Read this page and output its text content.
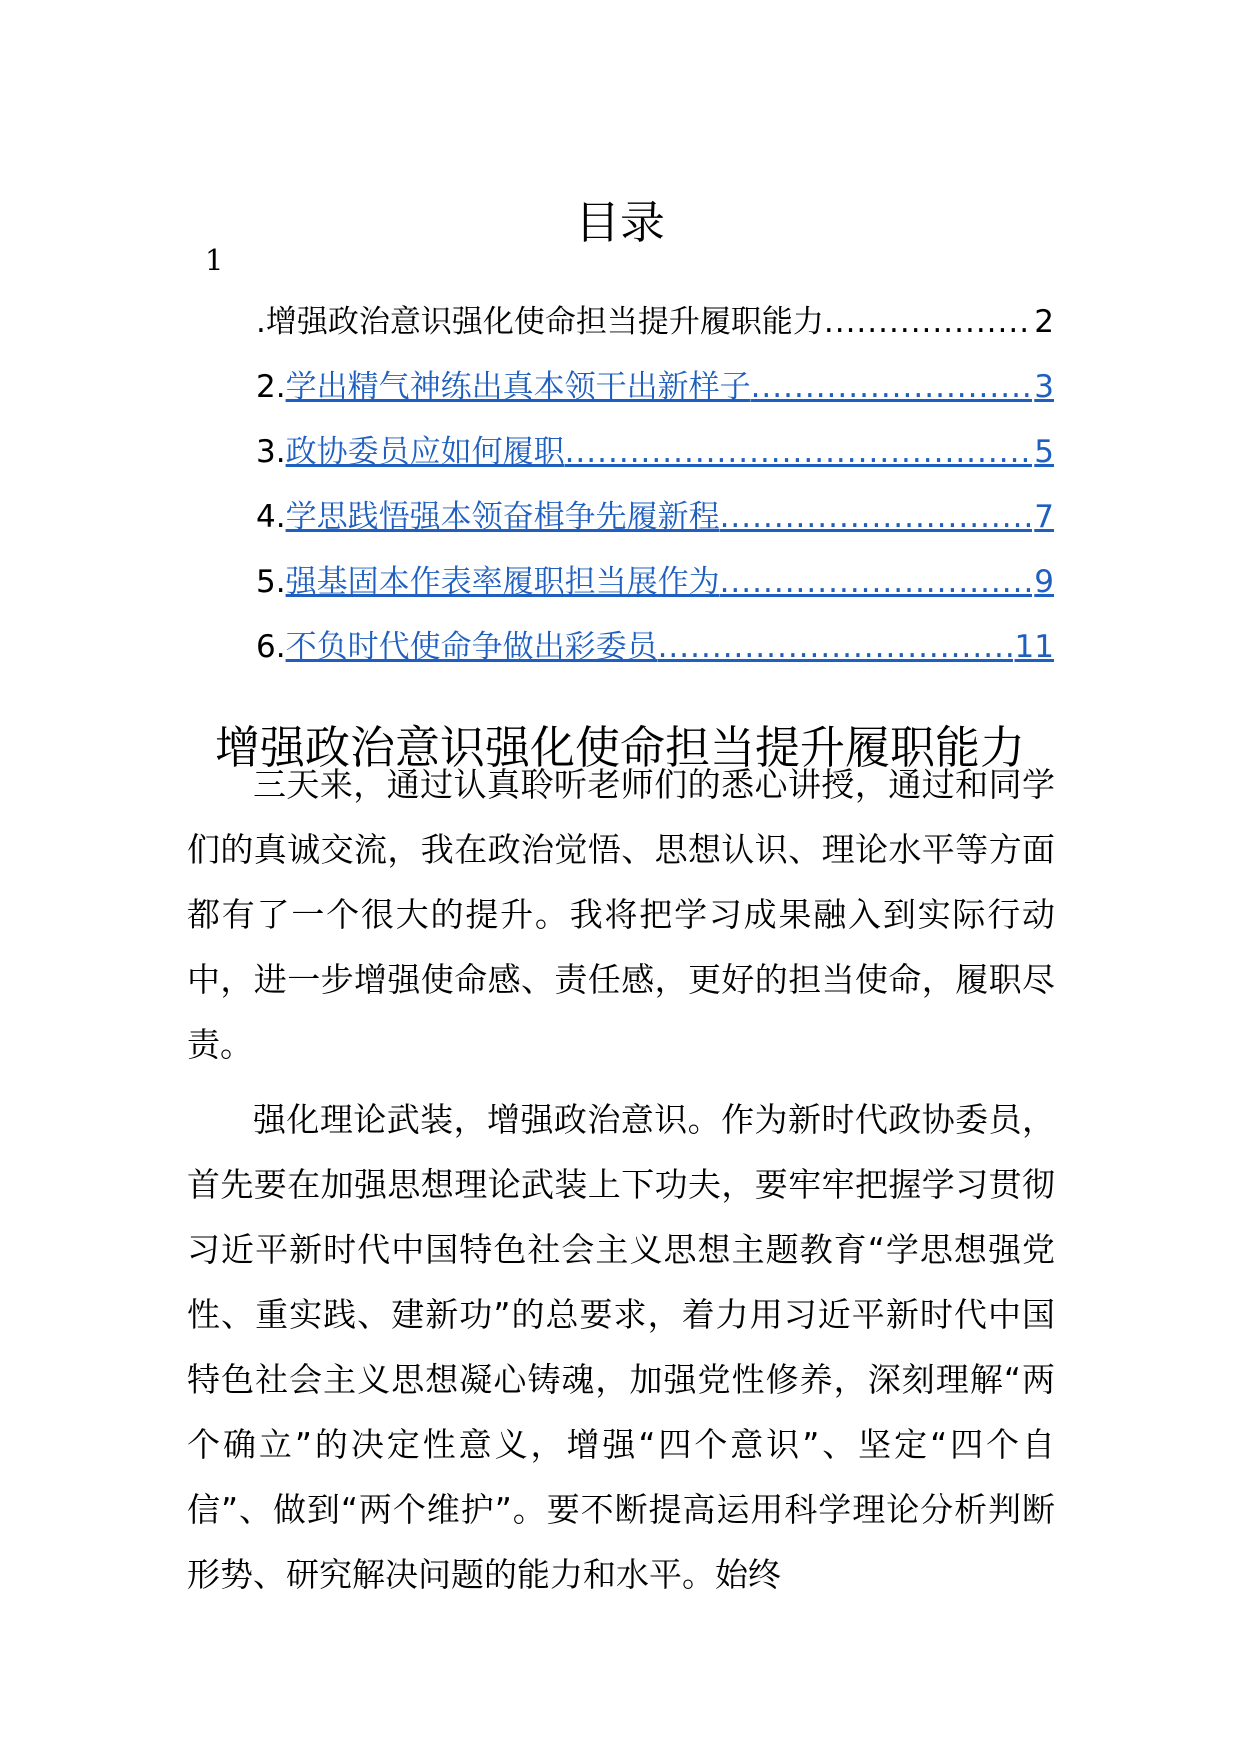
目录
1
.增强政治意识强化使命担当提升履职能力 .....	2
2. 学出精气神练出真本领干出新样子 .....	3
3. 政协委员应如何履职 .....	5
4. 学思践悟强本领奋楫争先履新程 .....	7
5. 强基固本作表率履职担当展作为 .....	9
6. 不负时代使命争做出彩委员 .....	11
增强政治意识强化使命担当提升履职能力

三天来，通过认真聆听老师们的悉心讲授，通过和同学们的真诚交流，我在政治觉悟、思想认识、理论水平等方面都有了一个很大的提升。我将把学习成果融入到实际行动中，进一步增强使命感、责任感，更好的担当使命，履职尽责。

强化理论武装，增强政治意识。作为新时代政协委员，首先要在加强思想理论武装上下功夫，要牢牢把握学习贯彻习近平新时代中国特色社会主义思想主题教育“学思想强党性、重实践、建新功”的总要求，着力用习近平新时代中国特色社会主义思想凝心铸魂，加强党性修养，深刻理解“两个确立”的决定性意义，增强“四个意识”、坚定“四个自信”、做到“两个维护”。要不断提高运用科学理论分析判断形势、研究解决问题的能力和水平。始终
